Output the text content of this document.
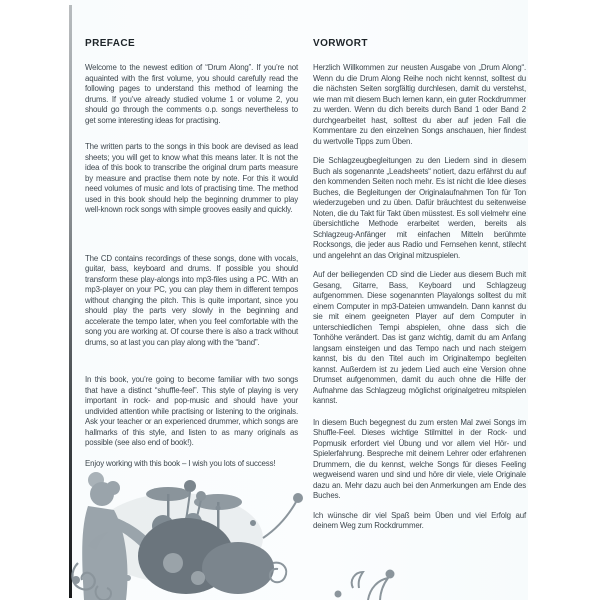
PREFACE

Welcome to the newest edition of “Drum Along”. If you’re not aquainted with the first volume, you should carefully read the following pages to understand this method of learning the drums. If you’ve already studied volume 1 or volume 2, you should go through the comments o.p. songs nevertheless to get some interesting ideas for practising.

The written parts to the songs in this book are devised as lead sheets; you will get to know what this means later. It is not the idea of this book to transcribe the original drum parts measure by measure and practise them note by note. For this it would need volumes of music and lots of practising time. The method used in this book should help the beginning drummer to play well-known rock songs with simple grooves easily and quickly.

The CD contains recordings of these songs, done with vocals, guitar, bass, keyboard and drums. If possible you should transform these play-alongs into mp3-files using a PC. With an mp3-player on your PC, you can play them in different tempos without changing the pitch. This is quite important, since you should play the parts very slowly in the beginning and accelerate the tempo later, when you feel comfortable with the song you are working at. Of course there is also a track without drums, so at last you can play along with the “band”.

In this book, you’re going to become familiar with two songs that have a distinct “shuffle-feel”. This style of playing is very important in rock- and pop-music and should have your undivided attention while practising or listening to the originals. Ask your teacher or an experienced drummer, which songs are hallmarks of this style, and listen to as many originals as possible (see also end of book!).

Enjoy working with this book – I wish you lots of success!

VORWORT

Herzlich Willkommen zur neusten Ausgabe von „Drum Along“. Wenn du die Drum Along Reihe noch nicht kennst, solltest du die nächsten Seiten sorgfältig durchlesen, damit du verstehst, wie man mit diesem Buch lernen kann, ein guter Rockdrummer zu werden. Wenn du dich bereits durch Band 1 oder Band 2 durchgearbeitet hast, solltest du aber auf jeden Fall die Kommentare zu den einzelnen Songs anschauen, hier findest du wertvolle Tipps zum Üben.

Die Schlagzeugbegleitungen zu den Liedern sind in diesem Buch als sogenannte „Leadsheets“ notiert, dazu erfährst du auf den kommenden Seiten noch mehr. Es ist nicht die Idee dieses Buches, die Begleitungen der Originalaufnahmen Ton für Ton wiederzugeben und zu üben. Dafür bräuchtest du seitenweise Noten, die du Takt für Takt üben müsstest. Es soll vielmehr eine übersichtliche Methode erarbeitet werden, bereits als Schlagzeug-Anfänger mit einfachen Mitteln berühmte Rocksongs, die jeder aus Radio und Fernsehen kennt, stilecht und angelehnt an das Original mitzuspielen.

Auf der beiliegenden CD sind die Lieder aus diesem Buch mit Gesang, Gitarre, Bass, Keyboard und Schlagzeug aufgenommen. Diese sogenannten Playalongs solltest du mit einem Computer in mp3-Dateien umwandeln. Dann kannst du sie mit einem geeigneten Player auf dem Computer in unterschiedlichen Tempi abspielen, ohne dass sich die Tonhöhe verändert. Das ist ganz wichtig, damit du am Anfang langsam einsteigen und das Tempo nach und nach steigern kannst, bis du den Titel auch im Originaltempo begleiten kannst. Außerdem ist zu jedem Lied auch eine Version ohne Drumset aufgenommen, damit du auch ohne die Hilfe der Aufnahme das Schlagzeug möglichst originalgetreu mitspielen kannst.

In diesem Buch begegnest du zum ersten Mal zwei Songs im Shuffle-Feel. Dieses wichtige Stilmittel in der Rock- und Popmusik erfordert viel Übung und vor allem viel Hör- und Spielerfahrung. Bespreche mit deinem Lehrer oder erfahrenen Drummern, die du kennst, welche Songs für dieses Feeling wegweisend waren und sind und höre dir viele, viele Originale dazu an. Mehr dazu auch bei den Anmerkungen am Ende des Buches.

Ich wünsche dir viel Spaß beim Üben und viel Erfolg auf deinem Weg zum Rockdrummer.
